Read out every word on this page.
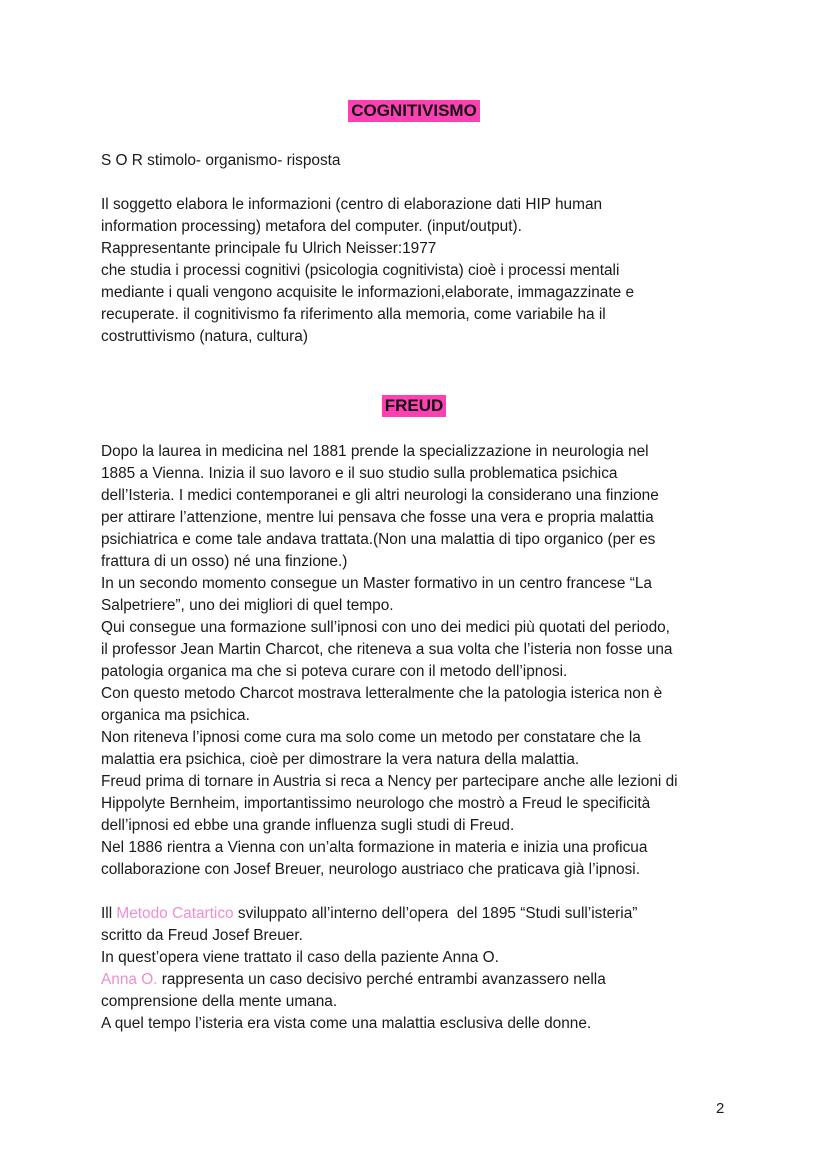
COGNITIVISMO
S O R stimolo- organismo- risposta
Il soggetto elabora le informazioni (centro di elaborazione dati HIP human
information processing) metafora del computer. (input/output).
Rappresentante principale fu Ulrich Neisser:1977
che studia i processi cognitivi (psicologia cognitivista) cioè i processi mentali
mediante i quali vengono acquisite le informazioni,elaborate, immagazzinate e
recuperate. il cognitivismo fa riferimento alla memoria, come variabile ha il
costruttivismo (natura, cultura)
FREUD
Dopo la laurea in medicina nel 1881 prende la specializzazione in neurologia nel
1885 a Vienna. Inizia il suo lavoro e il suo studio sulla problematica psichica
dell’Isteria. I medici contemporanei e gli altri neurologi la considerano una finzione
per attirare l’attenzione, mentre lui pensava che fosse una vera e propria malattia
psichiatrica e come tale andava trattata.(Non una malattia di tipo organico (per es
frattura di un osso) né una finzione.)
In un secondo momento consegue un Master formativo in un centro francese “La
Salpetriere”, uno dei migliori di quel tempo.
Qui consegue una formazione sull’ipnosi con uno dei medici più quotati del periodo,
il professor Jean Martin Charcot, che riteneva a sua volta che l’isteria non fosse una
patologia organica ma che si poteva curare con il metodo dell’ipnosi.
Con questo metodo Charcot mostrava letteralmente che la patologia isterica non è
organica ma psichica.
Non riteneva l’ipnosi come cura ma solo come un metodo per constatare che la
malattia era psichica, cioè per dimostrare la vera natura della malattia.
Freud prima di tornare in Austria si reca a Nency per partecipare anche alle lezioni di
Hippolyte Bernheim, importantissimo neurologo che mostrò a Freud le specificità
dell’ipnosi ed ebbe una grande influenza sugli studi di Freud.
Nel 1886 rientra a Vienna con un’alta formazione in materia e inizia una proficua
collaborazione con Josef Breuer, neurologo austriaco che praticava già l’ipnosi.
Ill Metodo Catartico sviluppato all’interno dell’opera  del 1895 “Studi sull’isteria”
scritto da Freud Josef Breuer.
In quest’opera viene trattato il caso della paziente Anna O.
Anna O. rappresenta un caso decisivo perché entrambi avanzassero nella
comprensione della mente umana.
A quel tempo l’isteria era vista come una malattia esclusiva delle donne.
2
